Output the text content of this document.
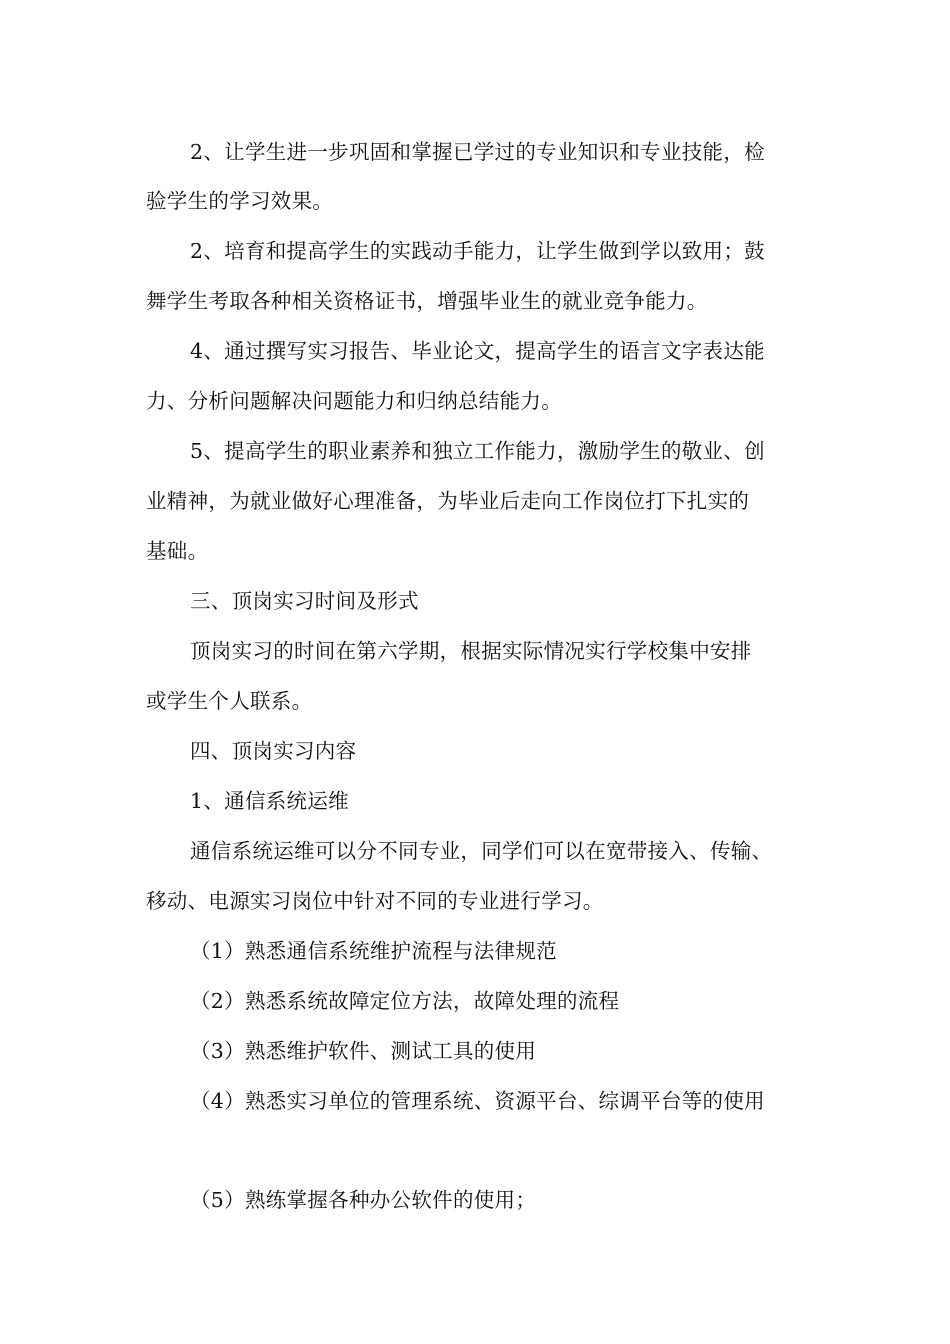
2、让学生进一步巩固和掌握已学过的专业知识和专业技能，检
验学生的学习效果。
2、培育和提高学生的实践动手能力，让学生做到学以致用；鼓
舞学生考取各种相关资格证书，增强毕业生的就业竞争能力。
4、通过撰写实习报告、毕业论文，提高学生的语言文字表达能
力、分析问题解决问题能力和归纳总结能力。
5、提高学生的职业素养和独立工作能力，激励学生的敬业、创
业精神，为就业做好心理准备，为毕业后走向工作岗位打下扎实的
基础。
三、顶岗实习时间及形式
顶岗实习的时间在第六学期，根据实际情况实行学校集中安排
或学生个人联系。
四、顶岗实习内容
1、通信系统运维
通信系统运维可以分不同专业，同学们可以在宽带接入、传输、
移动、电源实习岗位中针对不同的专业进行学习。
（1）熟悉通信系统维护流程与法律规范
（2）熟悉系统故障定位方法，故障处理的流程
（3）熟悉维护软件、测试工具的使用
（4）熟悉实习单位的管理系统、资源平台、综调平台等的使用
（5）熟练掌握各种办公软件的使用；
